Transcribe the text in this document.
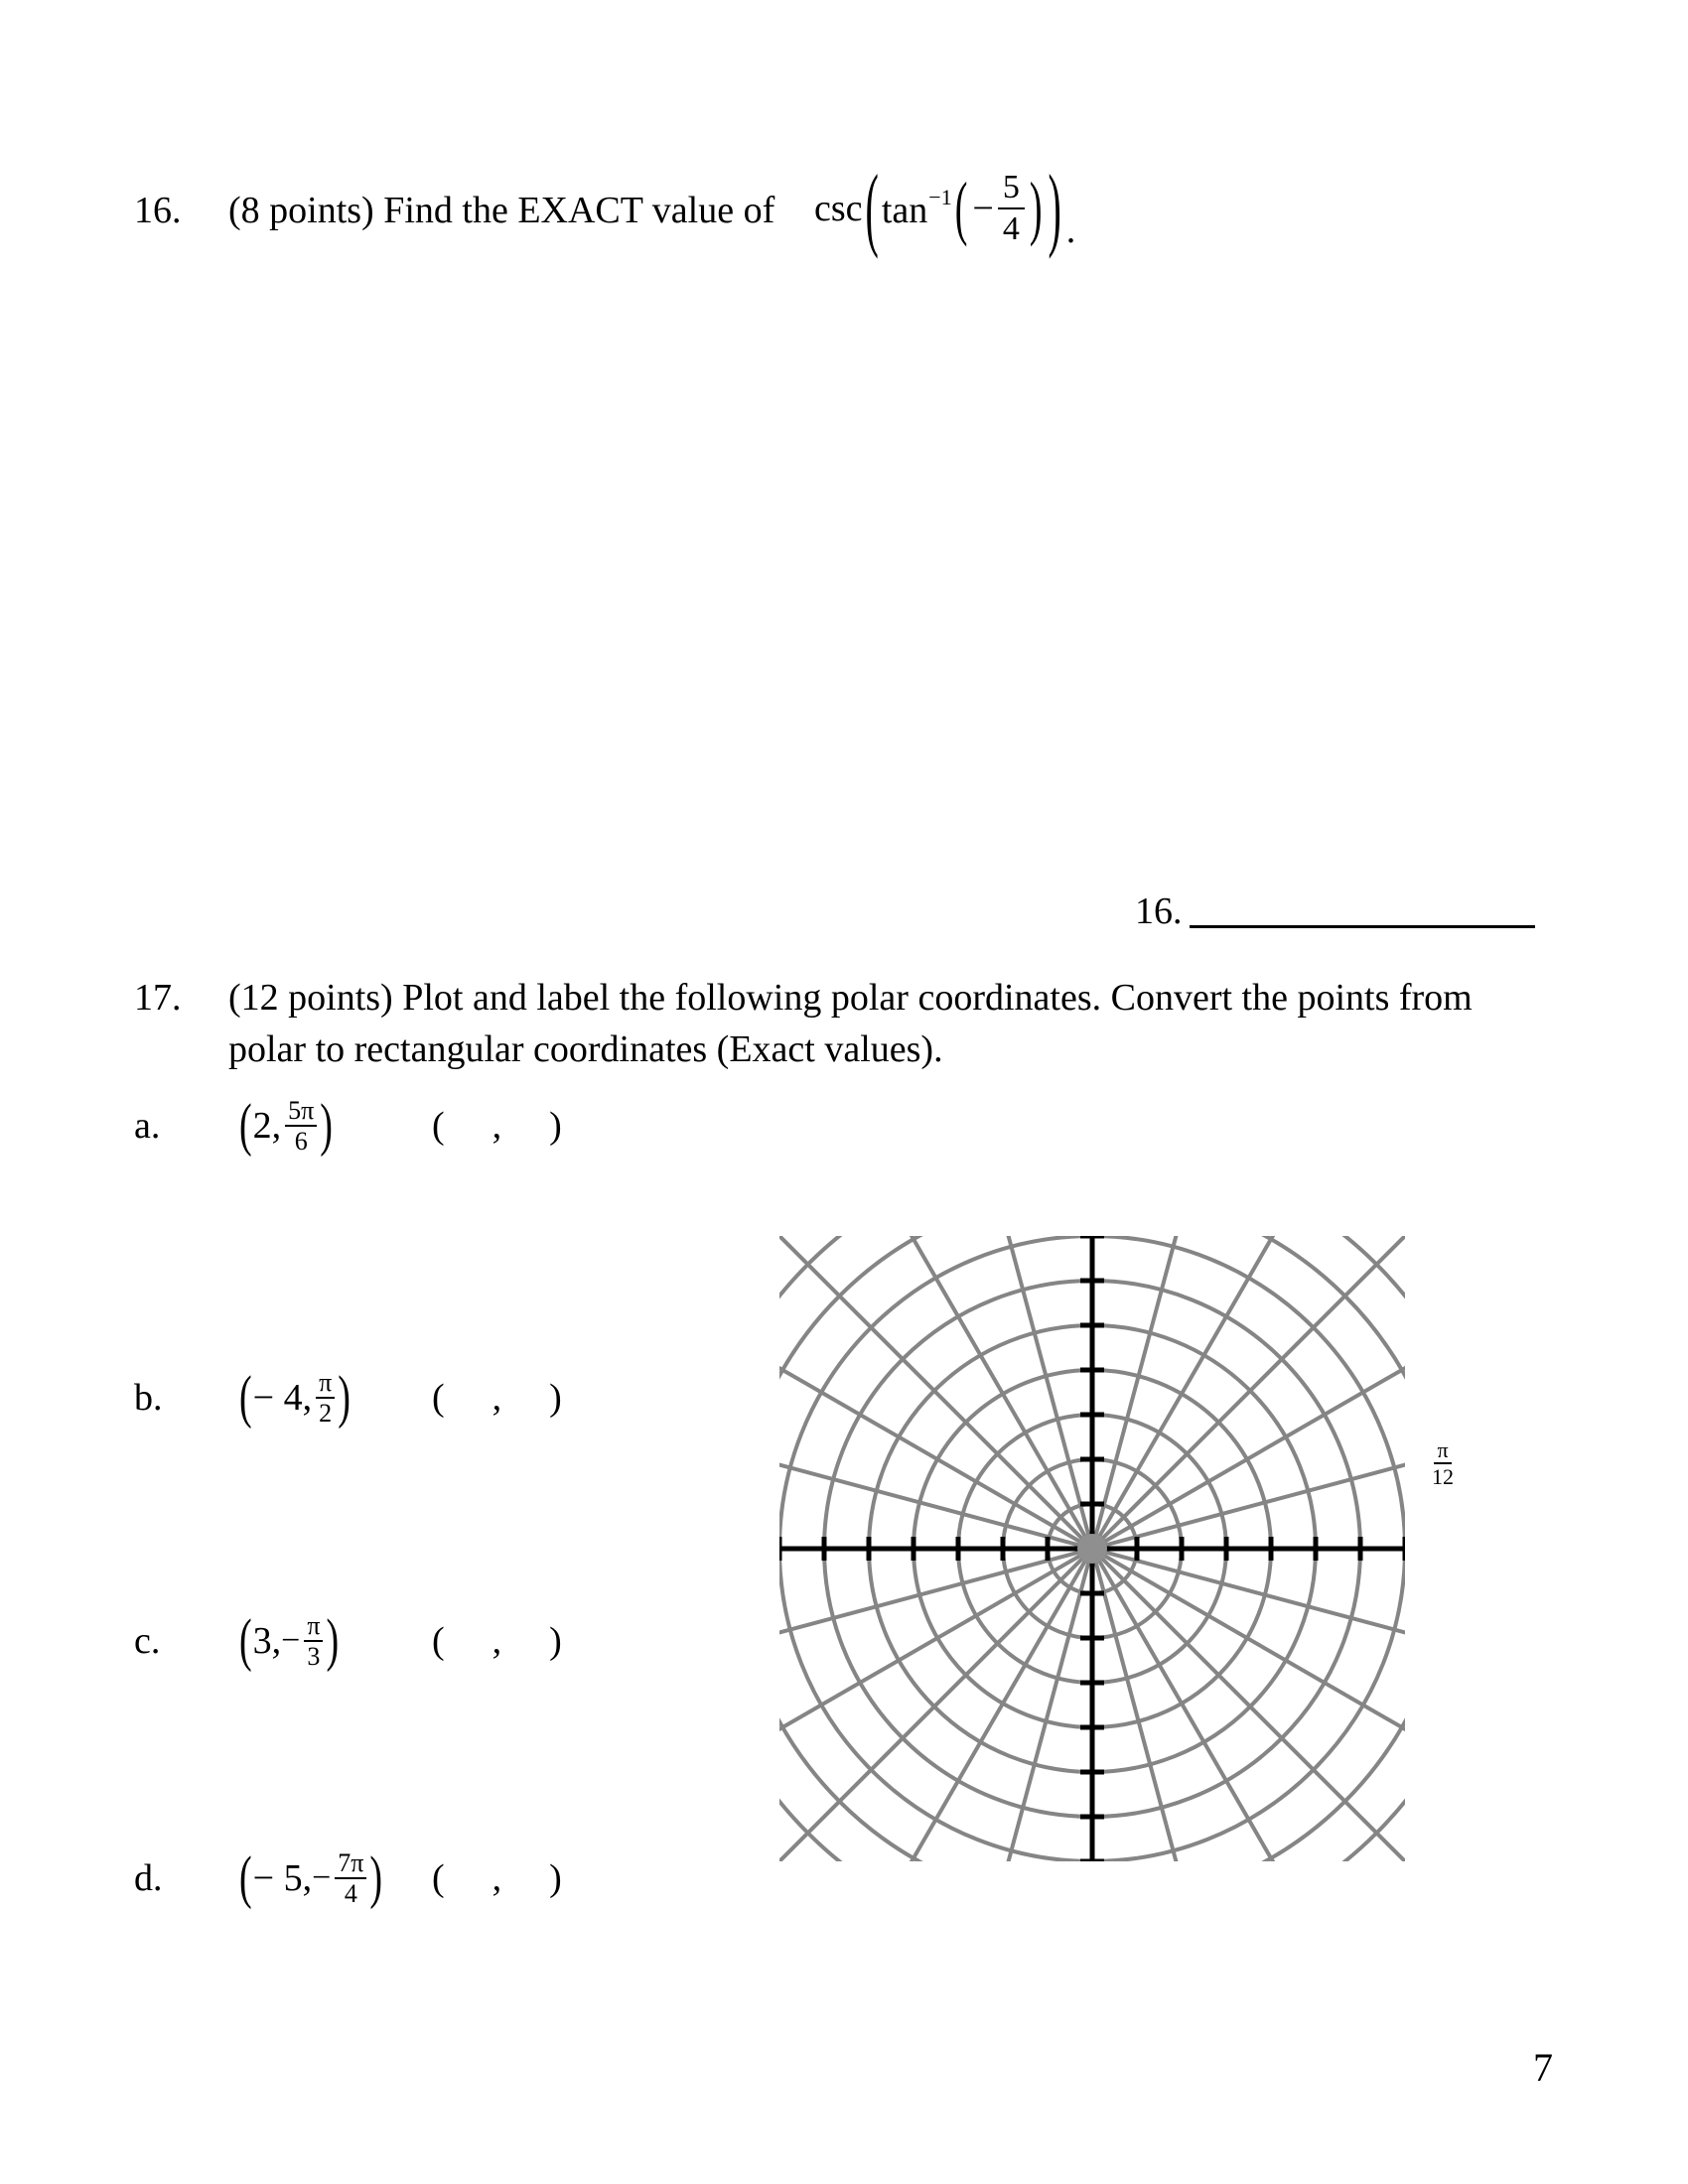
16. (8 points) Find the EXACT value of csc ( $\tan^{-1}$ ( − $\frac{5}{4}$ ) ) .
16.
17. (12 points) Plot and label the following polar coordinates. Convert the points from
polar to rectangular coordinates (Exact values).
a. ( 2, $\frac{5\pi}{6}$ )	( , )
b. ( − 4, $\frac{\pi}{2}$ ) ( , )
c. ( 3, − $\frac{\pi}{3}$ ) ( , )
d. ( − 5, − $\frac{7\pi}{4}$ ) ( , )
$\frac{\pi}{12}$
7
